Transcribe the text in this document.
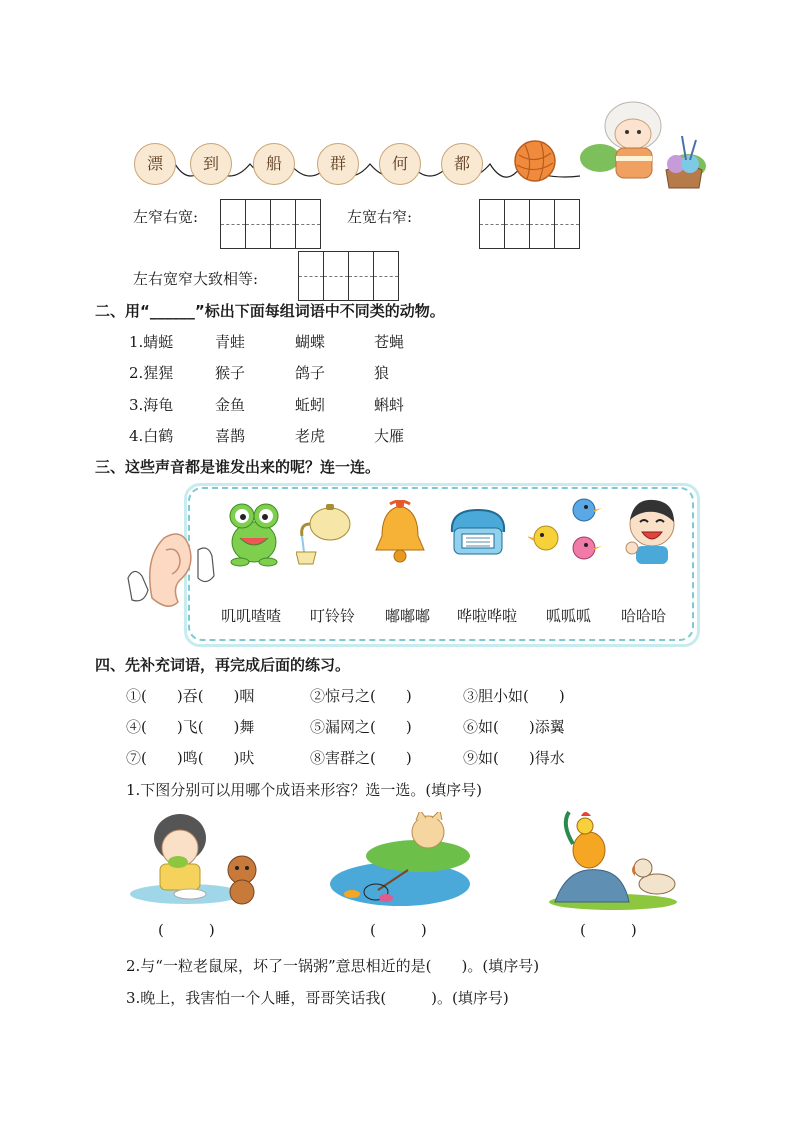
漂	到	船	群	何	都
左窄右宽:	左宽右窄:
左右宽窄大致相等:
二、用“______”标出下面每组词语中不同类的动物。
1.蜻蜓	青蛙	蝴蝶	苍蝇
2.猩猩	猴子	鸽子	狼
3.海龟	金鱼	蚯蚓	蝌蚪
4.白鹤	喜鹊	老虎	大雁
三、这些声音都是谁发出来的呢？连一连。
叽叽喳喳 叮铃铃 嘟嘟嘟 哗啦哗啦 呱呱呱 哈哈哈
四、先补充词语，再完成后面的练习。
①(　　)吞(　　)咽	②惊弓之(　　)	③胆小如(　　)
④(　　)飞(　　)舞	⑤漏网之(　　)	⑥如(　　)添翼
⑦(　　)鸣(　　)吠	⑧害群之(　　)	⑨如(　　)得水
1.下图分别可以用哪个成语来形容？选一选。(填序号)
(　　　)	(　　　)	(　　　)
2.与“一粒老鼠屎，坏了一锅粥”意思相近的是(　　)。(填序号)
3.晚上，我害怕一个人睡，哥哥笑话我(　　　)。(填序号)
